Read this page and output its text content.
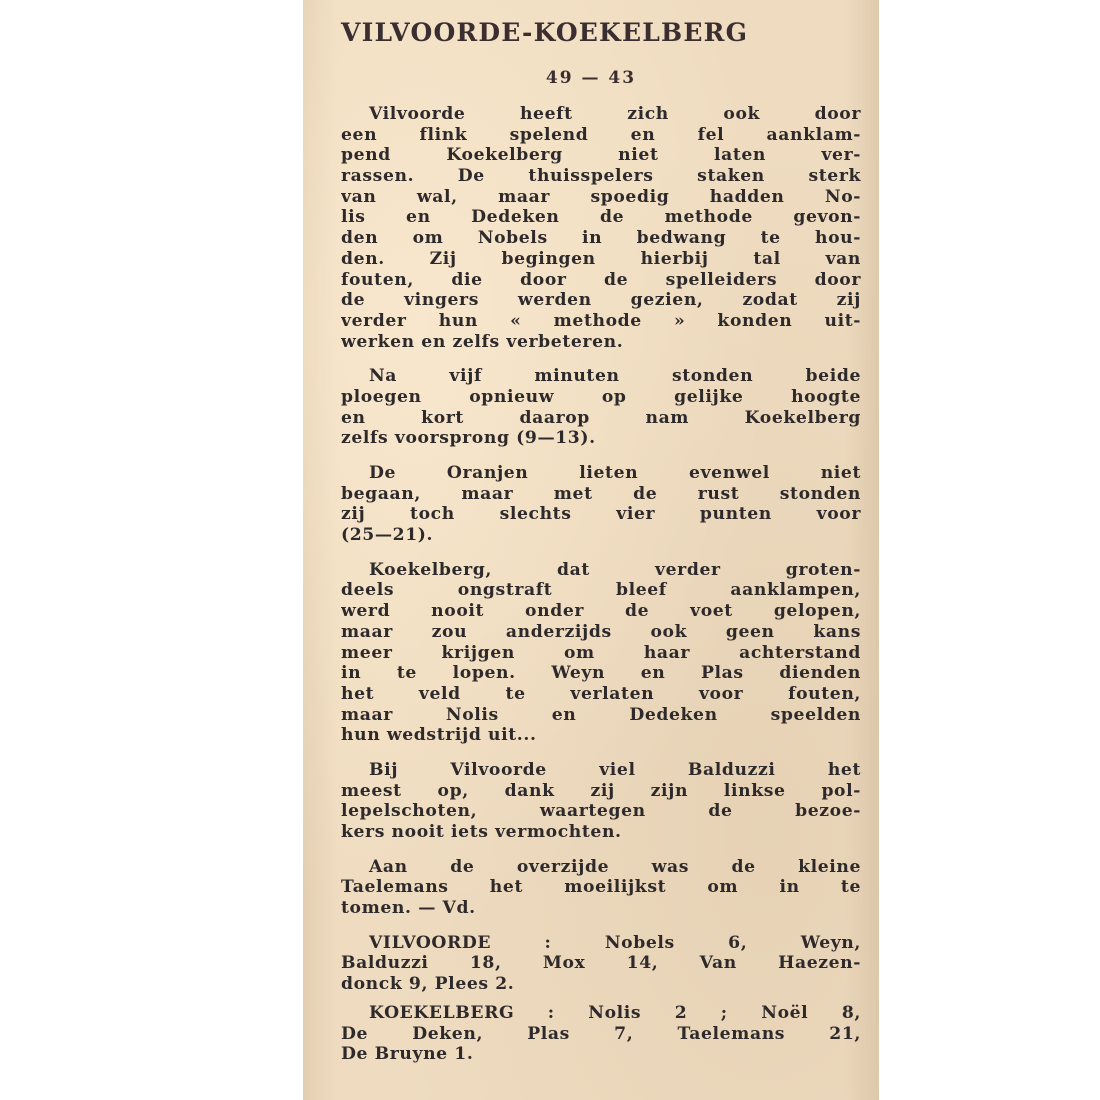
VILVOORDE-KOEKELBERG
49 — 43
Vilvoorde heeft zich ook door
een flink spelend en fel aanklam-
pend Koekelberg niet laten ver-
rassen. De thuisspelers staken sterk
van wal, maar spoedig hadden No-
lis en Dedeken de methode gevon-
den om Nobels in bedwang te hou-
den. Zij begingen hierbij tal van
fouten, die door de spelleiders door
de vingers werden gezien, zodat zij
verder hun « methode » konden uit-
werken en zelfs verbeteren.
Na vijf minuten stonden beide
ploegen opnieuw op gelijke hoogte
en kort daarop nam Koekelberg
zelfs voorsprong (9—13).
De Oranjen lieten evenwel niet
begaan, maar met de rust stonden
zij toch slechts vier punten voor
(25—21).
Koekelberg, dat verder groten-
deels ongstraft bleef aanklampen,
werd nooit onder de voet gelopen,
maar zou anderzijds ook geen kans
meer krijgen om haar achterstand
in te lopen. Weyn en Plas dienden
het veld te verlaten voor fouten,
maar Nolis en Dedeken speelden
hun wedstrijd uit...
Bij Vilvoorde viel Balduzzi het
meest op, dank zij zijn linkse pol-
lepelschoten, waartegen de bezoe-
kers nooit iets vermochten.
Aan de overzijde was de kleine
Taelemans het moeilijkst om in te
tomen. — Vd.
VILVOORDE : Nobels 6, Weyn,
Balduzzi 18, Mox 14, Van Haezen-
donck 9, Plees 2.
KOEKELBERG : Nolis 2 ; Noël 8,
De Deken, Plas 7, Taelemans 21,
De Bruyne 1.
